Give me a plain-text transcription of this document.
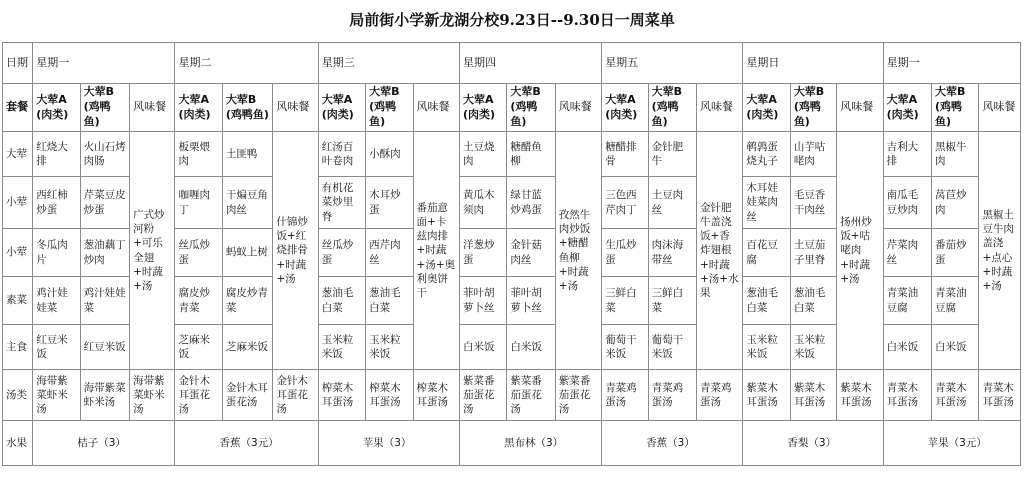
局前街小学新龙湖分校9.23日--9.30日一周菜单
日期	星期一			星期二			星期三			星期四			星期五			星期日			星期一		
套餐	大荤A(肉类)	大荤B(鸡鸭鱼)	风味餐	大荤A(肉类)	大荤B(鸡鸭鱼)	风味餐	大荤A(肉类)	大荤B(鸡鸭鱼)	风味餐	大荤A(肉类)	大荤B(鸡鸭鱼)	风味餐	大荤A(肉类)	大荤B(鸡鸭鱼)	风味餐	大荤A(肉类)	大荤B(鸡鸭鱼)	风味餐	大荤A(肉类)	大荤B(鸡鸭鱼)	风味餐
大荤	红烧大排	火山石烤肉肠	广式炒河粉+可乐全翅+时蔬+汤	板栗煨肉	土匪鸭	什锦炒饭+红烧排骨+时蔬+汤	红汤百叶卷肉	小酥肉	番茄意面+卡兹肉排+时蔬+汤+奥利奥饼干	土豆烧肉	糖醋鱼柳	孜然牛肉炒饭+糖醋鱼柳+时蔬+汤	糖醋排骨	金针肥牛	金针肥牛盖浇饭+香炸翅根+时蔬+汤+水果	鹌鹑蛋烧丸子	山芋咕咾肉	扬州炒饭+咕咾肉+时蔬+汤	吉利大排	黑椒牛肉	黑椒土豆牛肉盖浇+点心+时蔬+汤
小荤	西红柿炒蛋	芹菜豆皮炒蛋		咖喱肉丁	干煸豆角肉丝		有机花菜炒里脊	木耳炒蛋		黄瓜木须肉	绿甘蓝炒鸡蛋		三色西芹肉丁	土豆肉丝		木耳娃娃菜肉丝	毛豆香干肉丝		南瓜毛豆炒肉	莴苣炒肉	
小荤	冬瓜肉片	葱油藕丁炒肉		丝瓜炒蛋	蚂蚁上树		丝瓜炒蛋	西芹肉丝		洋葱炒蛋	金针菇肉丝		生瓜炒蛋	肉沫海带丝		百花豆腐	土豆茄子里脊		芹菜肉丝	番茄炒蛋	
素菜	鸡汁娃娃菜	鸡汁娃娃菜		腐皮炒青菜	腐皮炒青菜		葱油毛白菜	葱油毛白菜		菲叶胡萝卜丝	菲叶胡萝卜丝		三鲜白菜	三鲜白菜		葱油毛白菜	葱油毛白菜		青菜油豆腐	青菜油豆腐	
主食	红豆米饭	红豆米饭		芝麻米饭	芝麻米饭		玉米粒米饭	玉米粒米饭		白米饭	白米饭		葡萄干米饭	葡萄干米饭		玉米粒米饭	玉米粒米饭		白米饭	白米饭	
汤类	海带紫菜虾米汤	海带紫菜虾米汤	海带紫菜虾米汤	金针木耳蛋花汤	金针木耳蛋花汤	金针木耳蛋花汤	榨菜木耳蛋汤	榨菜木耳蛋汤	榨菜木耳蛋汤	紫菜番茄蛋花汤	紫菜番茄蛋花汤	紫菜番茄蛋花汤	青菜鸡蛋汤	青菜鸡蛋汤	青菜鸡蛋汤	紫菜木耳蛋汤	紫菜木耳蛋汤	紫菜木耳蛋汤	青菜木耳蛋汤	青菜木耳蛋汤	青菜木耳蛋汤
水果	桔子（3）			香蕉（3元）			苹果（3）			黑布林（3）			香蕉（3）			香梨（3）			苹果（3元）		
